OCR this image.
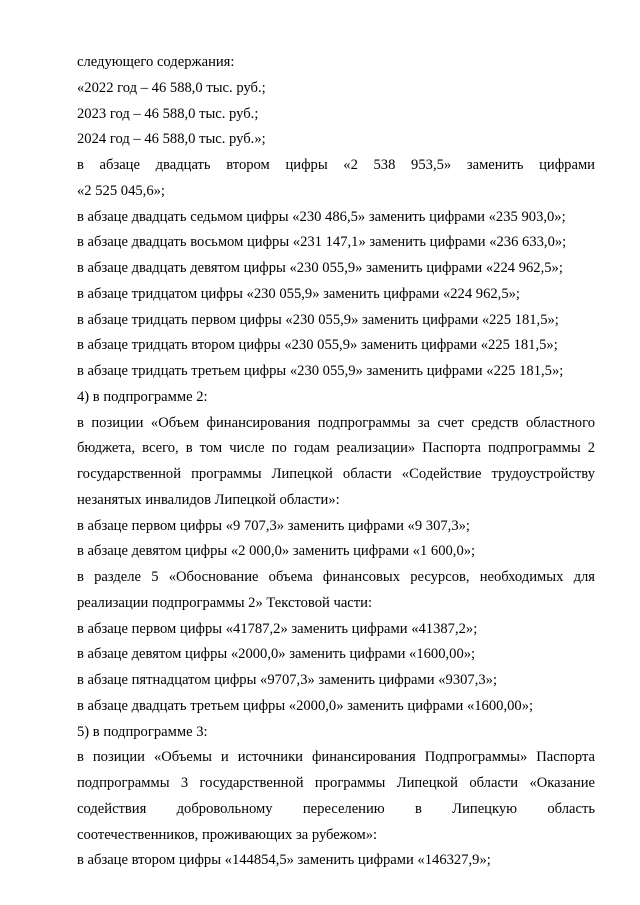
следующего содержания:
«2022 год – 46 588,0 тыс. руб.;
2023 год – 46 588,0 тыс. руб.;
2024 год – 46 588,0 тыс. руб.»;
в абзаце двадцать втором цифры «2 538 953,5» заменить цифрами
«2 525 045,6»;
в абзаце двадцать седьмом цифры «230 486,5» заменить цифрами «235 903,0»;
в абзаце двадцать восьмом цифры «231 147,1» заменить цифрами «236 633,0»;
в абзаце двадцать девятом цифры «230 055,9» заменить цифрами «224 962,5»;
в абзаце тридцатом цифры «230 055,9» заменить цифрами «224 962,5»;
в абзаце тридцать первом цифры «230 055,9» заменить цифрами «225 181,5»;
в абзаце тридцать втором цифры «230 055,9» заменить цифрами «225 181,5»;
в абзаце тридцать третьем цифры «230 055,9» заменить цифрами «225 181,5»;
4) в подпрограмме 2:
в позиции «Объем финансирования подпрограммы за счет средств областного
бюджета, всего, в том числе по годам реализации» Паспорта подпрограммы 2
государственной программы Липецкой области «Содействие трудоустройству
незанятых инвалидов Липецкой области»:
в абзаце первом цифры «9 707,3» заменить цифрами «9 307,3»;
в абзаце девятом цифры «2 000,0» заменить цифрами «1 600,0»;
в разделе 5 «Обоснование объема финансовых ресурсов, необходимых для
реализации подпрограммы 2» Текстовой части:
в абзаце первом цифры «41787,2» заменить цифрами «41387,2»;
в абзаце девятом цифры «2000,0» заменить цифрами «1600,00»;
в абзаце пятнадцатом цифры «9707,3» заменить цифрами «9307,3»;
в абзаце двадцать третьем цифры «2000,0» заменить цифрами «1600,00»;
5) в подпрограмме 3:
в позиции «Объемы и источники финансирования Подпрограммы» Паспорта
подпрограммы 3 государственной программы Липецкой области «Оказание
содействия добровольному переселению в Липецкую область
соотечественников, проживающих за рубежом»:
в абзаце втором цифры «144854,5» заменить цифрами «146327,9»;
